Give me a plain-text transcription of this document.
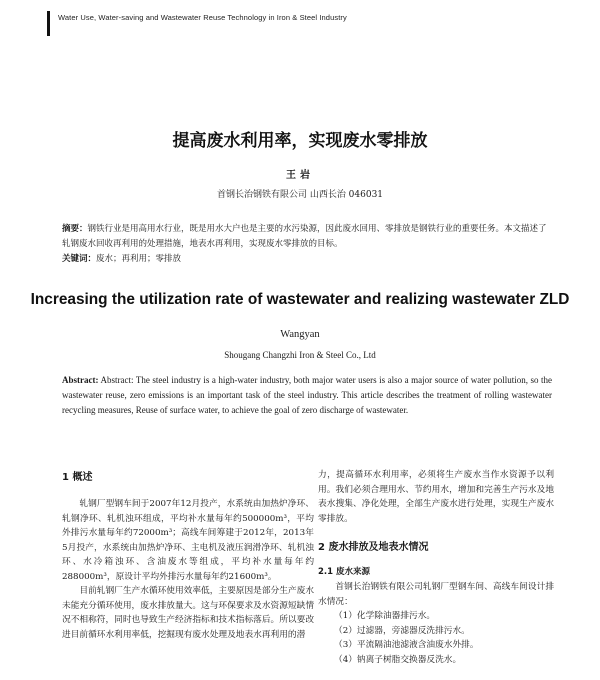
Water Use, Water-saving and Wastewater Reuse Technology in Iron & Steel Industry
提高废水利用率，实现废水零排放
王岩
首钢长治钢铁有限公司 山西长治 046031

摘要：钢铁行业是用高用水行业，既是用水大户也是主要的水污染源，因此废水回用、零排放是钢铁行业的重要任务。本文描述了轧钢废水回收再利用的处理措施，地表水再利用，实现废水零排放的目标。

关键词：废水；再利用；零排放

Increasing the utilization rate of wastewater and realizing wastewater ZLD
Wangyan
Shougang Changzhi Iron & Steel Co., Ltd

Abstract: Abstract: The steel industry is a high-water industry, both major water users is also a major source of water pollution, so the wastewater reuse, zero emissions is an important task of the steel industry. This article describes the treatment of rolling wastewater recycling measures, Reuse of surface water, to achieve the goal of zero discharge of wastewater.

1 概述

轧钢厂型钢车间于2007年12月投产，水系统由加热炉净环、轧钢净环、轧机浊环组成，平均补水量每年约500000m³，平均外排污水量每年约72000m³；高线车间筹建于2012年，2013年5月投产，水系统由加热炉净环、主电机及液压润滑净环、轧机浊环、水冷箱浊环、含油废水等组成，平均补水量每年约288000m³，原设计平均外排污水量每年约21600m³。

目前轧钢厂生产水循环使用效率低，主要原因是部分生产废水未能充分循环使用，废水排放量大。这与环保要求及水资源短缺情况不相称符，同时也导致生产经济指标和技术指标落后。所以要改进目前循环水利用率低，挖掘现有废水处理及地表水再利用的潜

力，提高循环水利用率，必须将生产废水当作水资源予以利用。我们必须合理用水、节约用水，增加和完善生产污水及地表水搜集、净化处理，全部生产废水进行处理，实现生产废水零排放。

2 废水排放及地表水情况

2.1 废水来源

首钢长治钢铁有限公司轧钢厂型钢车间、高线车间设计排水情况：

（1）化学除油器排污水。
（2）过滤器，旁滤器反洗排污水。
（3）平流隔油池滤液含油废水外排。
（4）钠离子树脂交换器反洗水。
